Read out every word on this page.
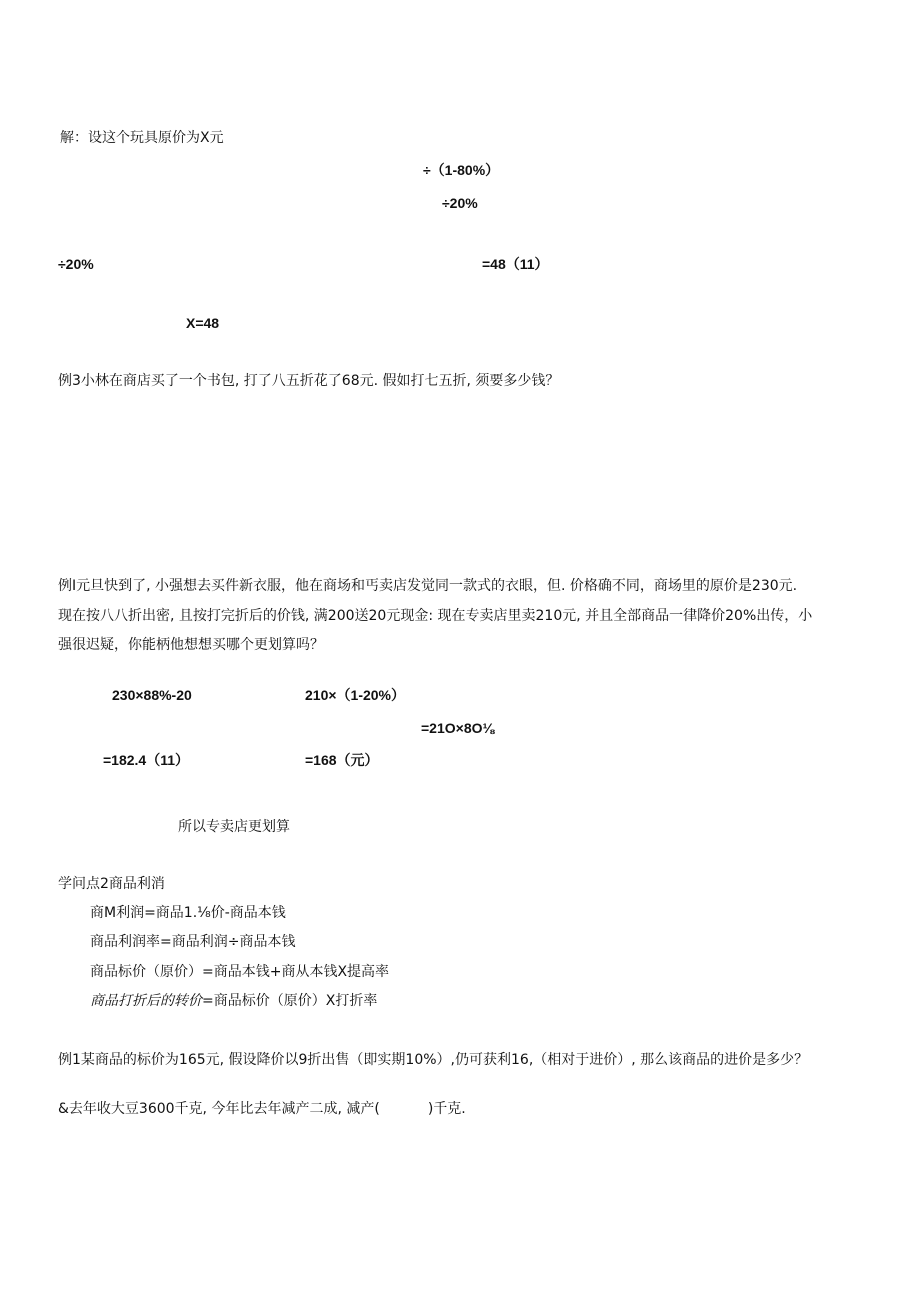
解：设这个玩具原价为X元
÷（1-80%）
÷20%
÷20%	=48（11）
X=48
例3小林在商店买了一个书包, 打了八五折花了68元. 假如打七五折, 须要多少钱？
例I元旦快到了, 小强想去买件新衣服，他在商场和丐卖店发觉同一款式的衣眼，但. 价格确不同，商场里的原价是230元.
现在按八八折出密, 且按打完折后的价钱, 满200送20元现金: 现在专卖店里卖210元, 并且全部商品一律降价20%出传，小
强很迟疑，你能柄他想想买哪个更划算吗？
230×88%-20	210×（1-20%）
=21O×8O⅛
=182.4（11）	=168（元）
所以专卖店更划算
学问点2商品利消
商M利润=商品1.⅛价-商品本钱
商品利润率=商品利润÷商品本钱
商品标价（原价）=商品本钱+商从本钱X提高率
商品打折后的转价=商品标价（原价）X打折率
例1某商品的标价为165元, 假设降价以9折出售（即实期10%）,仍可获利16,（相对于进价）, 那么该商品的进价是多少？
&去年收大豆3600千克, 今年比去年减产二成, 减产(	)千克.
